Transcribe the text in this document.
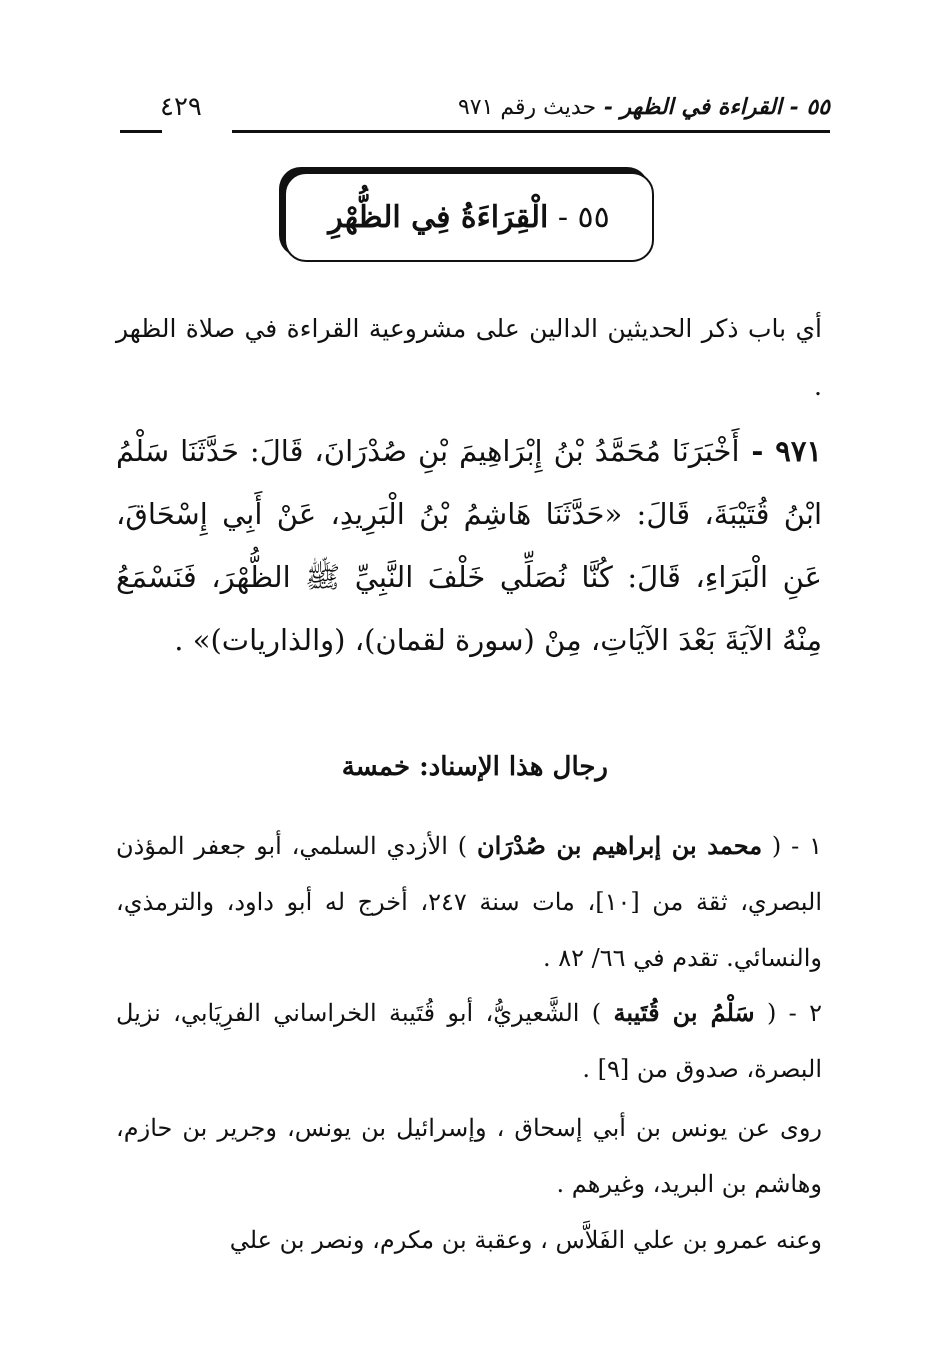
٥٥ - القراءة في الظهر - حديث رقم ٩٧١
٤٢٩
٥٥ - الْقِرَاءَةُ فِي الظُّهْرِ
أي باب ذكر الحديثين الدالين على مشروعية القراءة في صلاة الظهر .
٩٧١ - أَخْبَرَنَا مُحَمَّدُ بْنُ إِبْرَاهِيمَ بْنِ صُدْرَانَ، قَالَ: حَدَّثَنَا سَلْمُ ابْنُ قُتَيْبَةَ، قَالَ: «حَدَّثَنَا هَاشِمُ بْنُ الْبَرِيدِ، عَنْ أَبِي إِسْحَاقَ، عَنِ الْبَرَاءِ، قَالَ: كُنَّا نُصَلِّي خَلْفَ النَّبِيِّ ﷺ الظُّهْرَ، فَنَسْمَعُ مِنْهُ الآيَةَ بَعْدَ الآيَاتِ، مِنْ (سورة لقمان)، (والذاريات)» .
رجال هذا الإسناد: خمسة
١ - ( محمد بن إبراهيم بن صُدْرَان ) الأزدي السلمي، أبو جعفر المؤذن البصري، ثقة من [١٠]، مات سنة ٢٤٧، أخرج له أبو داود، والترمذي، والنسائي. تقدم في ٦٦/ ٨٢ .
٢ - ( سَلْمُ بن قُتَيبة ) الشَّعيريُّ، أبو قُتَيبة الخراساني الفرِيَابي، نزيل البصرة، صدوق من [٩] .
روى عن يونس بن أبي إسحاق ، وإسرائيل بن يونس، وجرير بن حازم، وهاشم بن البريد، وغيرهم .
وعنه عمرو بن علي الفَلاَّس ، وعقبة بن مكرم، ونصر بن علي
